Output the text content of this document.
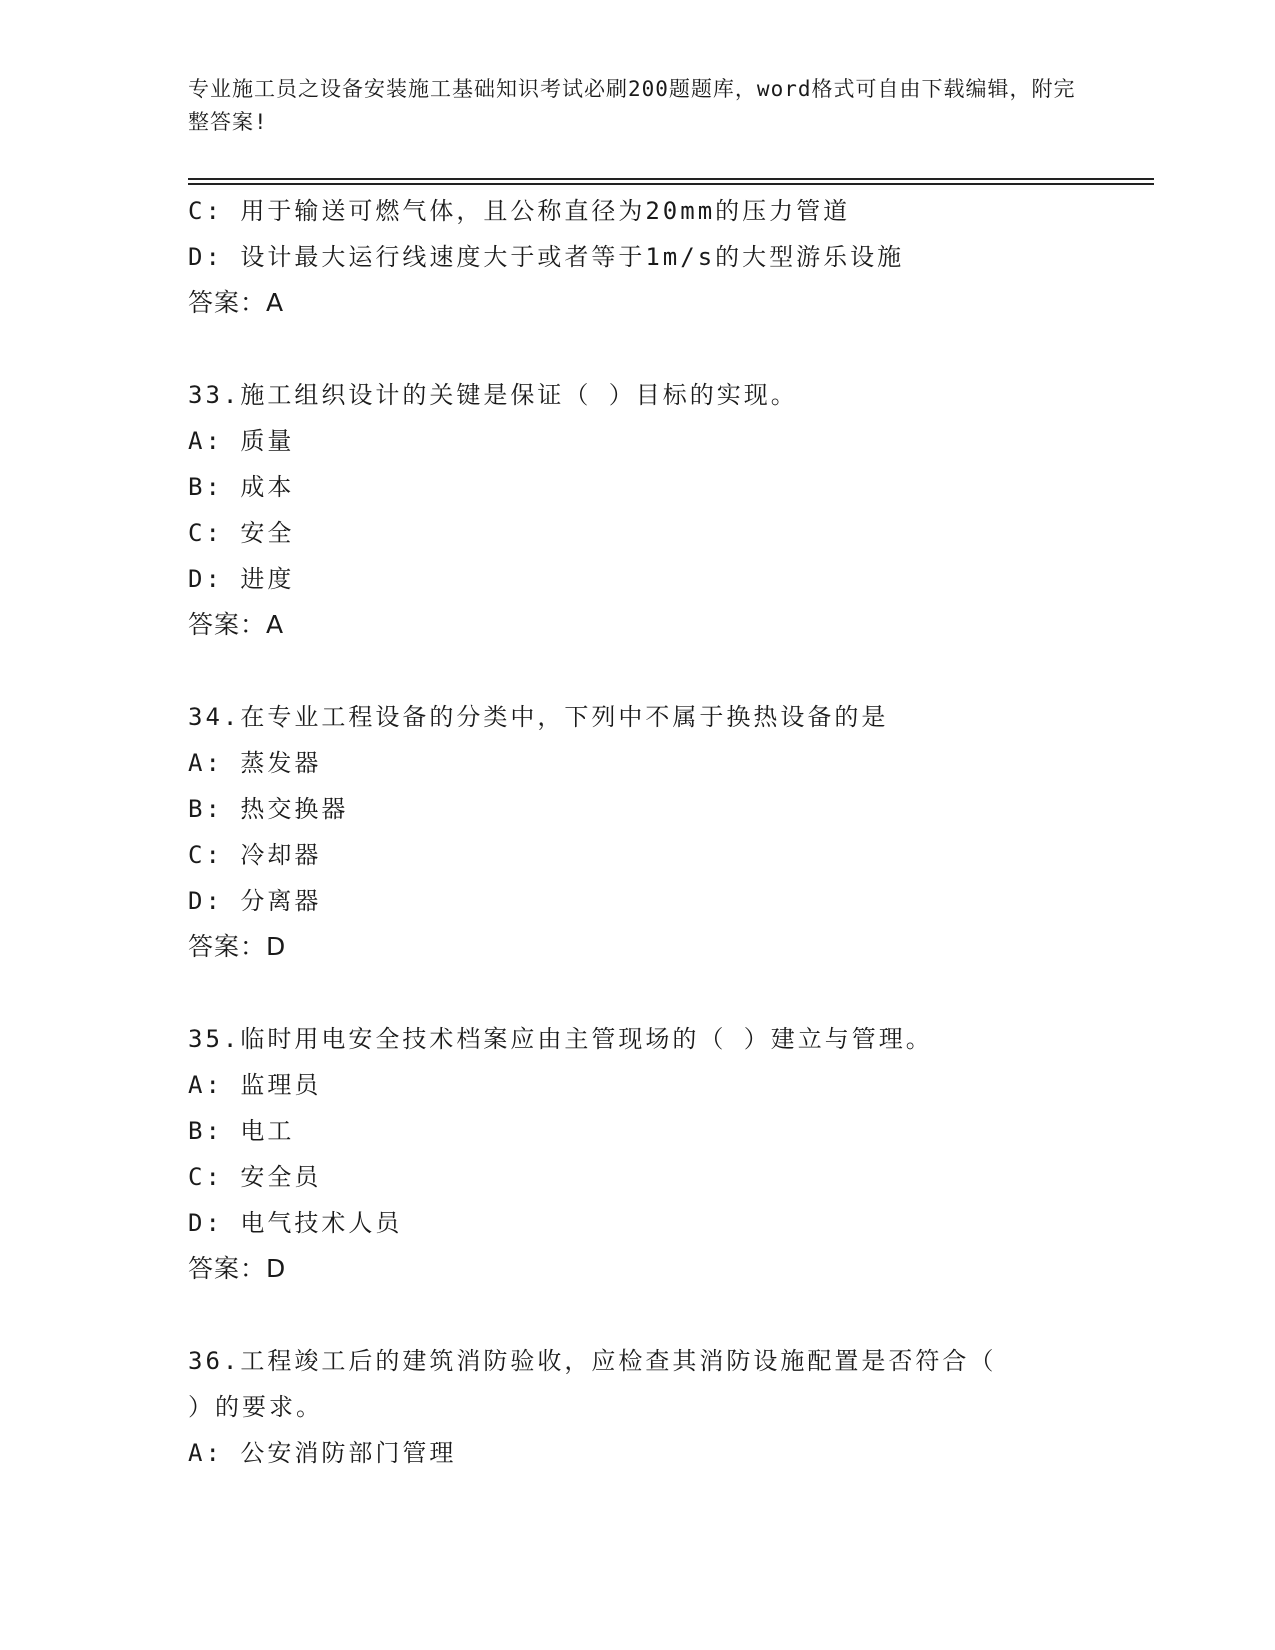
专业施工员之设备安装施工基础知识考试必刷200题题库，word格式可自由下载编辑，附完整答案!
C: 用于输送可燃气体，且公称直径为20mm的压力管道
D: 设计最大运行线速度大于或者等于1m/s的大型游乐设施
答案：A
33.施工组织设计的关键是保证（ ）目标的实现。
A: 质量
B: 成本
C: 安全
D: 进度
答案：A
34.在专业工程设备的分类中，下列中不属于换热设备的是
A: 蒸发器
B: 热交换器
C: 冷却器
D: 分离器
答案：D
35.临时用电安全技术档案应由主管现场的（ ）建立与管理。
A: 监理员
B: 电工
C: 安全员
D: 电气技术人员
答案：D
36.工程竣工后的建筑消防验收，应检查其消防设施配置是否符合（ ）的要求。
A: 公安消防部门管理
